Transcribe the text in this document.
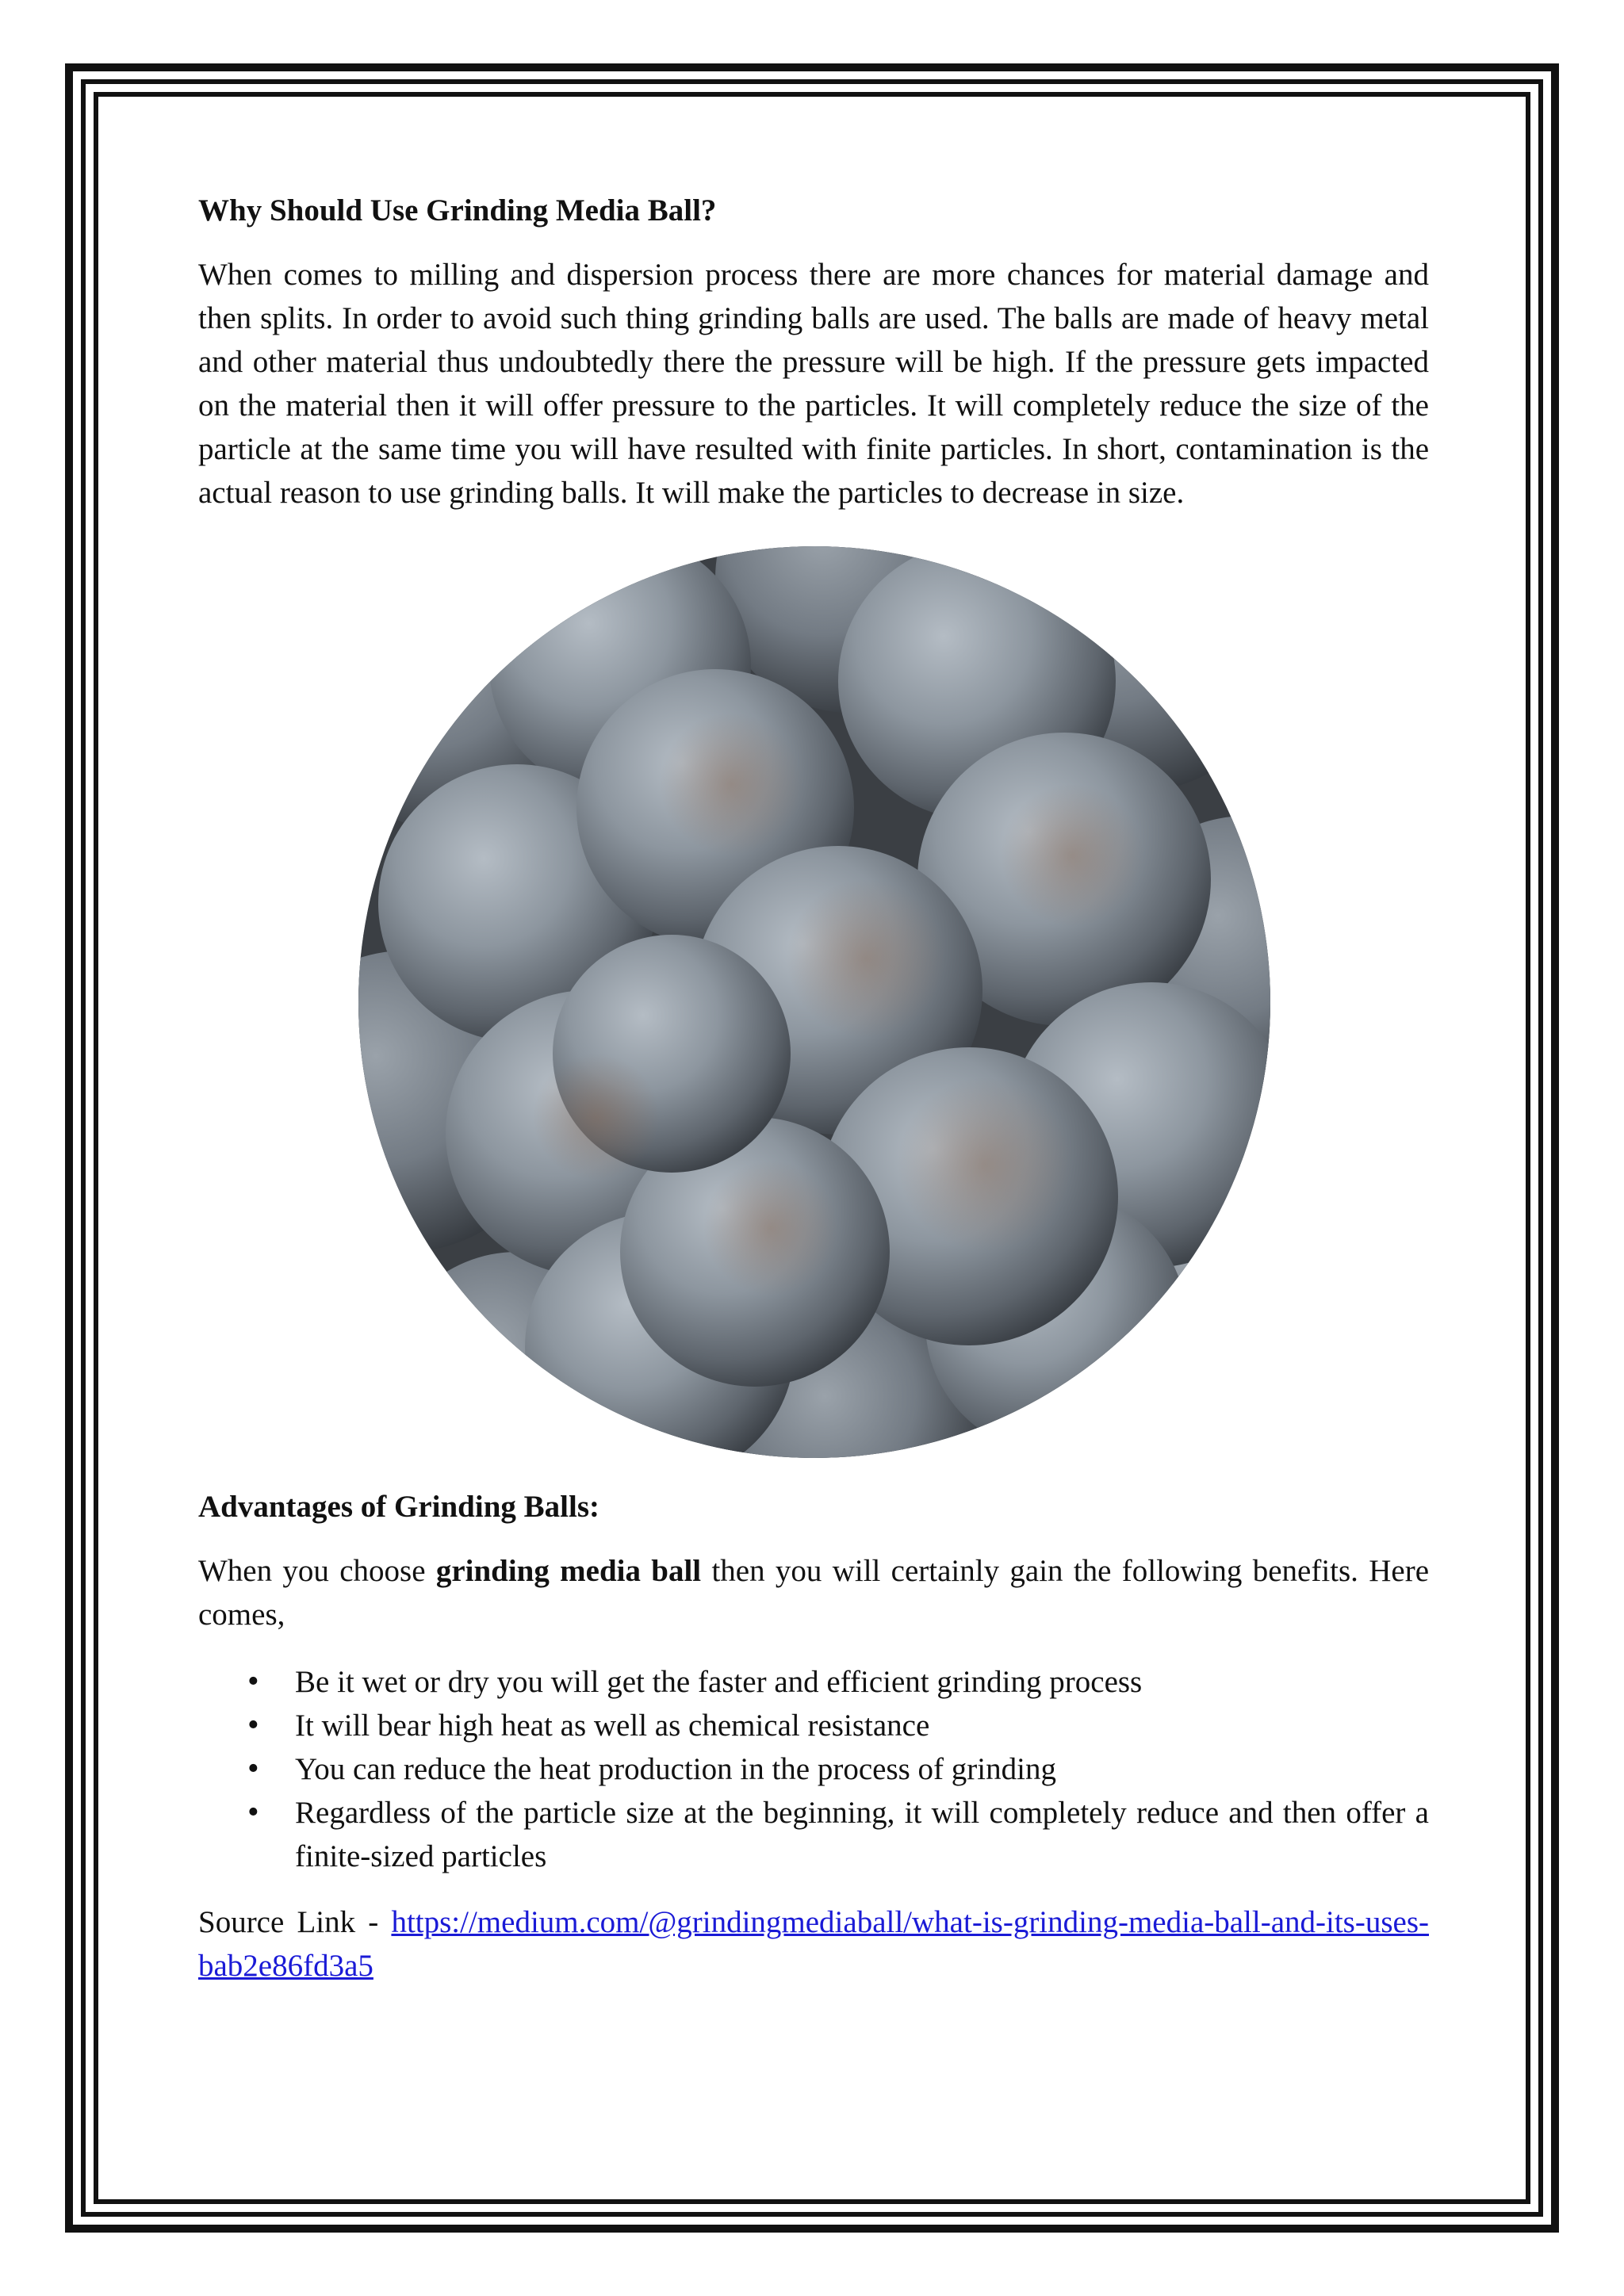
Why Should Use Grinding Media Ball?

When comes to milling and dispersion process there are more chances for material damage and then splits. In order to avoid such thing grinding balls are used. The balls are made of heavy metal and other material thus undoubtedly there the pressure will be high. If the pressure gets impacted on the material then it will offer pressure to the particles. It will completely reduce the size of the particle at the same time you will have resulted with finite particles. In short, contamination is the actual reason to use grinding balls. It will make the particles to decrease in size.

Advantages of Grinding Balls:

When you choose grinding media ball then you will certainly gain the following benefits. Here comes,

• Be it wet or dry you will get the faster and efficient grinding process
• It will bear high heat as well as chemical resistance
• You can reduce the heat production in the process of grinding
• Regardless of the particle size at the beginning, it will completely reduce and then offer a finite-sized particles

Source Link - https://medium.com/@grindingmediaball/what-is-grinding-media-ball-and-its-uses-bab2e86fd3a5
